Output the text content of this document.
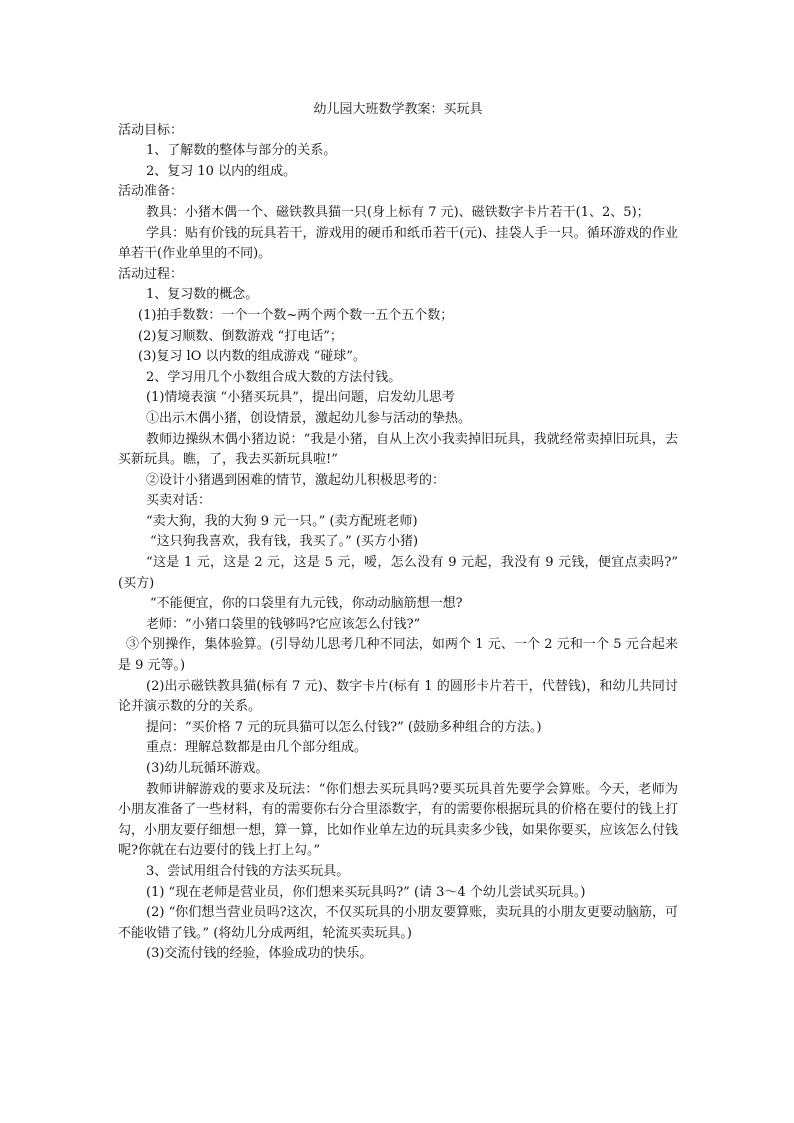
幼儿园大班数学教案：买玩具

活动目标：

1、了解数的整体与部分的关系。

2、复习 10 以内的组成。

活动准备：

教具：小猪木偶一个、磁铁教具猫一只(身上标有 7 元)、磁铁数字卡片若干(1、2、5)；

学具：贴有价钱的玩具若干，游戏用的硬币和纸币若干(元)、挂袋人手一只。循环游戏的作业单若干(作业单里的不同)。

活动过程：

1、复习数的概念。

(1)拍手数数：一个一个数~两个两个数一五个五个数；

(2)复习顺数、倒数游戏 “打电话”；

(3)复习 lO 以内数的组成游戏 “碰球”。

2、学习用几个小数组合成大数的方法付钱。

(1)情境表演 “小猪买玩具”，提出问题，启发幼儿思考

①出示木偶小猪，创设情景，激起幼儿参与活动的挚热。

教师边操纵木偶小猪边说：“我是小猪，自从上次小我卖掉旧玩具，我就经常卖掉旧玩具，去买新玩具。瞧，了，我去买新玩具啦!”

②设计小猪遇到困难的情节，激起幼儿积极思考的：

买卖对话：

“卖大狗，我的大狗 9 元一只。” (卖方配班老师)

“这只狗我喜欢，我有钱，我买了。” (买方小猪)

“这是 1 元，这是 2 元，这是 5 元，嗳，怎么没有 9 元起，我没有 9 元钱，便宜点卖吗?” (买方)

“不能便宜，你的口袋里有九元钱，你动动脑筋想一想?

老师：“小猪口袋里的钱够吗?它应该怎么付钱?”

③个别操作，集体验算。(引导幼儿思考几种不同法，如两个 1 元、一个 2 元和一个 5 元合起来是 9 元等。)

(2)出示磁铁教具猫(标有 7 元)、数字卡片(标有 1 的圆形卡片若干，代替钱)，和幼儿共同讨论并演示数的分的关系。

提问：“买价格 7 元的玩具猫可以怎么付钱?” (鼓励多种组合的方法。)

重点：理解总数都是由几个部分组成。

(3)幼儿玩循环游戏。

教师讲解游戏的要求及玩法：“你们想去买玩具吗?要买玩具首先要学会算账。今天，老师为小朋友准备了一些材料，有的需要你右分合里添数字，有的需要你根据玩具的价格在要付的钱上打勾，小朋友要仔细想一想，算一算，比如作业单左边的玩具卖多少钱，如果你要买，应该怎么付钱呢?你就在右边要付的钱上打上勾。”

3、尝试用组合付钱的方法买玩具。

(1) “现在老师是营业员，你们想来买玩具吗?” (请 3～4 个幼儿尝试买玩具。)

(2) “你们想当营业员吗?这次，不仅买玩具的小朋友要算账，卖玩具的小朋友更要动脑筋，可不能收错了钱。” (将幼儿分成两组，轮流买卖玩具。)

(3)交流付钱的经验，体验成功的快乐。
